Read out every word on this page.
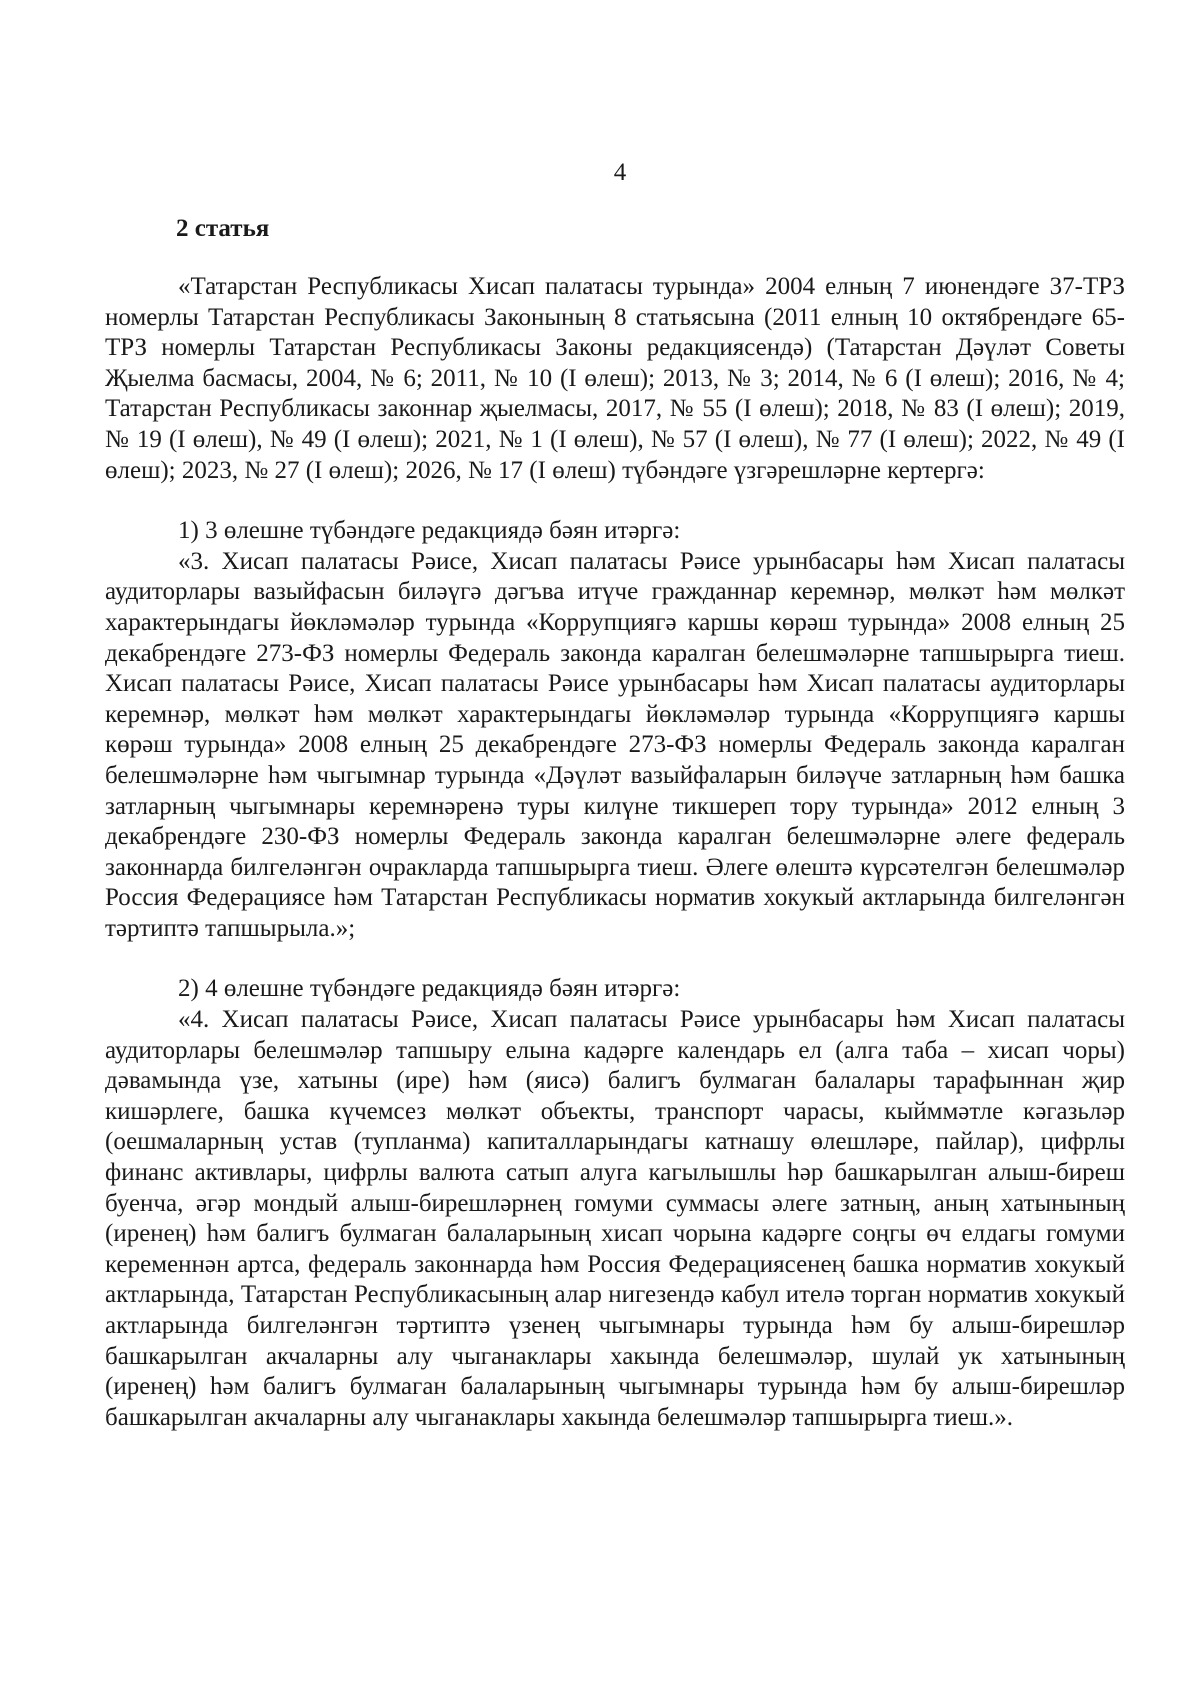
4
2 статья

«Татарстан Республикасы Хисап палатасы турында» 2004 елның 7 июнендәге 37-ТРЗ номерлы Татарстан Республикасы Законының 8 статьясына (2011 елның 10 октябрендәге 65-ТРЗ номерлы Татарстан Республикасы Законы редакциясендә) (Татарстан Дәүләт Советы Җыелма басмасы, 2004, № 6; 2011, № 10 (I өлеш); 2013, № 3; 2014, № 6 (I өлеш); 2016, № 4; Татарстан Республикасы законнар җыелмасы, 2017, № 55 (I өлеш); 2018, № 83 (I өлеш); 2019, № 19 (I өлеш), № 49 (I өлеш); 2021, № 1 (I өлеш), № 57 (I өлеш), № 77 (I өлеш); 2022, № 49 (I өлеш); 2023, № 27 (I өлеш); 2026, № 17 (I өлеш) түбәндәге үзгәрешләрне кертергә:

1) 3 өлешне түбәндәге редакциядә бәян итәргә:

«3. Хисап палатасы Рәисе, Хисап палатасы Рәисе урынбасары һәм Хисап палатасы аудиторлары вазыйфасын биләүгә дәгъва итүче гражданнар керемнәр, мөлкәт һәм мөлкәт характерындагы йөкләмәләр турында «Коррупциягә каршы көрәш турында» 2008 елның 25 декабрендәге 273-ФЗ номерлы Федераль законда каралган белешмәләрне тапшырырга тиеш. Хисап палатасы Рәисе, Хисап палатасы Рәисе урынбасары һәм Хисап палатасы аудиторлары керемнәр, мөлкәт һәм мөлкәт характерындагы йөкләмәләр турында «Коррупциягә каршы көрәш турында» 2008 елның 25 декабрендәге 273-ФЗ номерлы Федераль законда каралган белешмәләрне һәм чыгымнар турында «Дәүләт вазыйфаларын биләүче затларның һәм башка затларның чыгымнары керемнәренә туры килүне тикшереп тору турында» 2012 елның 3 декабрендәге 230-ФЗ номерлы Федераль законда каралган белешмәләрне әлеге федераль законнарда билгеләнгән очракларда тапшырырга тиеш. Әлеге өлештә күрсәтелгән белешмәләр Россия Федерациясе һәм Татарстан Республикасы норматив хокукый актларында билгеләнгән тәртиптә тапшырыла.»;

2) 4 өлешне түбәндәге редакциядә бәян итәргә:

«4. Хисап палатасы Рәисе, Хисап палатасы Рәисе урынбасары һәм Хисап палатасы аудиторлары белешмәләр тапшыру елына кадәрге календарь ел (алга таба – хисап чоры) дәвамында үзе, хатыны (ире) һәм (яисә) балигъ булмаган балалары тарафыннан җир кишәрлеге, башка күчемсез мөлкәт объекты, транспорт чарасы, кыйммәтле кәгазьләр (оешмаларның устав (тупланма) капиталларындагы катнашу өлешләре, пайлар), цифрлы финанс активлары, цифрлы валюта сатып алуга кагылышлы һәр башкарылган алыш-биреш буенча, әгәр мондый алыш-бирешләрнең гомуми суммасы әлеге затның, аның хатынының (иренең) һәм балигъ булмаган балаларының хисап чорына кадәрге соңгы өч елдагы гомуми кеременнән артса, федераль законнарда һәм Россия Федерациясенең башка норматив хокукый актларында, Татарстан Республикасының алар нигезендә кабул ителә торган норматив хокукый актларында билгеләнгән тәртиптә үзенең чыгымнары турында һәм бу алыш-бирешләр башкарылган акчаларны алу чыганаклары хакында белешмәләр, шулай ук хатынының (иренең) һәм балигъ булмаган балаларының чыгымнары турында һәм бу алыш-бирешләр башкарылган акчаларны алу чыганаклары хакында белешмәләр тапшырырга тиеш.».
